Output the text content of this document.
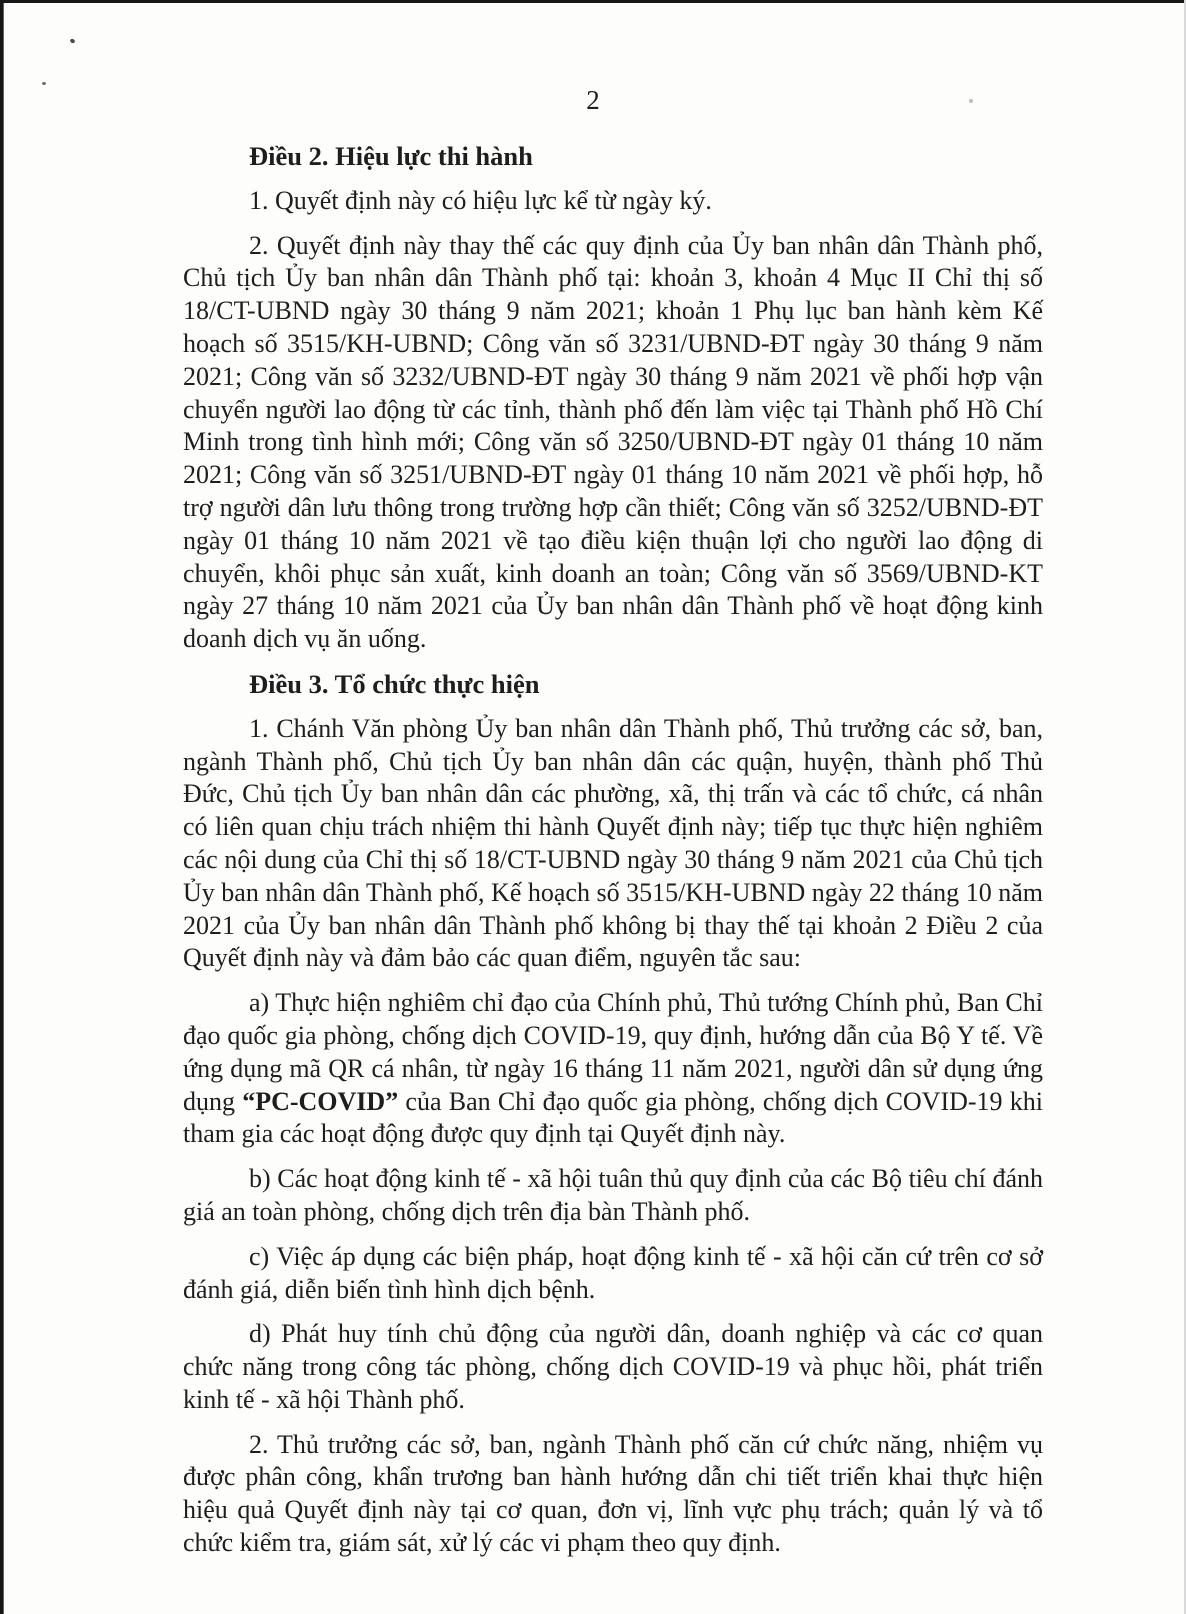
2
Điều 2. Hiệu lực thi hành

1. Quyết định này có hiệu lực kể từ ngày ký.

2. Quyết định này thay thế các quy định của Ủy ban nhân dân Thành phố, Chủ tịch Ủy ban nhân dân Thành phố tại: khoản 3, khoản 4 Mục II Chỉ thị số 18/CT-UBND ngày 30 tháng 9 năm 2021; khoản 1 Phụ lục ban hành kèm Kế hoạch số 3515/KH-UBND; Công văn số 3231/UBND-ĐT ngày 30 tháng 9 năm 2021; Công văn số 3232/UBND-ĐT ngày 30 tháng 9 năm 2021 về phối hợp vận chuyển người lao động từ các tỉnh, thành phố đến làm việc tại Thành phố Hồ Chí Minh trong tình hình mới; Công văn số 3250/UBND-ĐT ngày 01 tháng 10 năm 2021; Công văn số 3251/UBND-ĐT ngày 01 tháng 10 năm 2021 về phối hợp, hỗ trợ người dân lưu thông trong trường hợp cần thiết; Công văn số 3252/UBND-ĐT ngày 01 tháng 10 năm 2021 về tạo điều kiện thuận lợi cho người lao động di chuyển, khôi phục sản xuất, kinh doanh an toàn; Công văn số 3569/UBND-KT ngày 27 tháng 10 năm 2021 của Ủy ban nhân dân Thành phố về hoạt động kinh doanh dịch vụ ăn uống.

Điều 3. Tổ chức thực hiện

1. Chánh Văn phòng Ủy ban nhân dân Thành phố, Thủ trưởng các sở, ban, ngành Thành phố, Chủ tịch Ủy ban nhân dân các quận, huyện, thành phố Thủ Đức, Chủ tịch Ủy ban nhân dân các phường, xã, thị trấn và các tổ chức, cá nhân có liên quan chịu trách nhiệm thi hành Quyết định này; tiếp tục thực hiện nghiêm các nội dung của Chỉ thị số 18/CT-UBND ngày 30 tháng 9 năm 2021 của Chủ tịch Ủy ban nhân dân Thành phố, Kế hoạch số 3515/KH-UBND ngày 22 tháng 10 năm 2021 của Ủy ban nhân dân Thành phố không bị thay thế tại khoản 2 Điều 2 của Quyết định này và đảm bảo các quan điểm, nguyên tắc sau:

a) Thực hiện nghiêm chỉ đạo của Chính phủ, Thủ tướng Chính phủ, Ban Chỉ đạo quốc gia phòng, chống dịch COVID-19, quy định, hướng dẫn của Bộ Y tế. Về ứng dụng mã QR cá nhân, từ ngày 16 tháng 11 năm 2021, người dân sử dụng ứng dụng “PC-COVID” của Ban Chỉ đạo quốc gia phòng, chống dịch COVID-19 khi tham gia các hoạt động được quy định tại Quyết định này.

b) Các hoạt động kinh tế - xã hội tuân thủ quy định của các Bộ tiêu chí đánh giá an toàn phòng, chống dịch trên địa bàn Thành phố.

c) Việc áp dụng các biện pháp, hoạt động kinh tế - xã hội căn cứ trên cơ sở đánh giá, diễn biến tình hình dịch bệnh.

d) Phát huy tính chủ động của người dân, doanh nghiệp và các cơ quan chức năng trong công tác phòng, chống dịch COVID-19 và phục hồi, phát triển kinh tế - xã hội Thành phố.

2. Thủ trưởng các sở, ban, ngành Thành phố căn cứ chức năng, nhiệm vụ được phân công, khẩn trương ban hành hướng dẫn chi tiết triển khai thực hiện hiệu quả Quyết định này tại cơ quan, đơn vị, lĩnh vực phụ trách; quản lý và tổ chức kiểm tra, giám sát, xử lý các vi phạm theo quy định.
